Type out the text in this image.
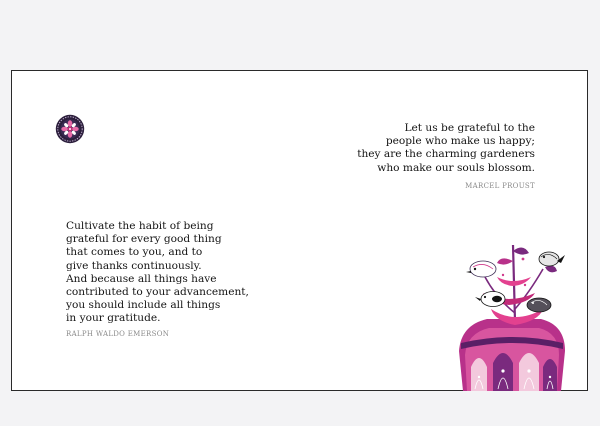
Let us be grateful to the
people who make us happy;
they are the charming gardeners
who make our souls blossom.
MARCEL PROUST
Cultivate the habit of being
grateful for every good thing
that comes to you, and to
give thanks continuously.
And because all things have
contributed to your advancement,
you should include all things
in your gratitude.
RALPH WALDO EMERSON
